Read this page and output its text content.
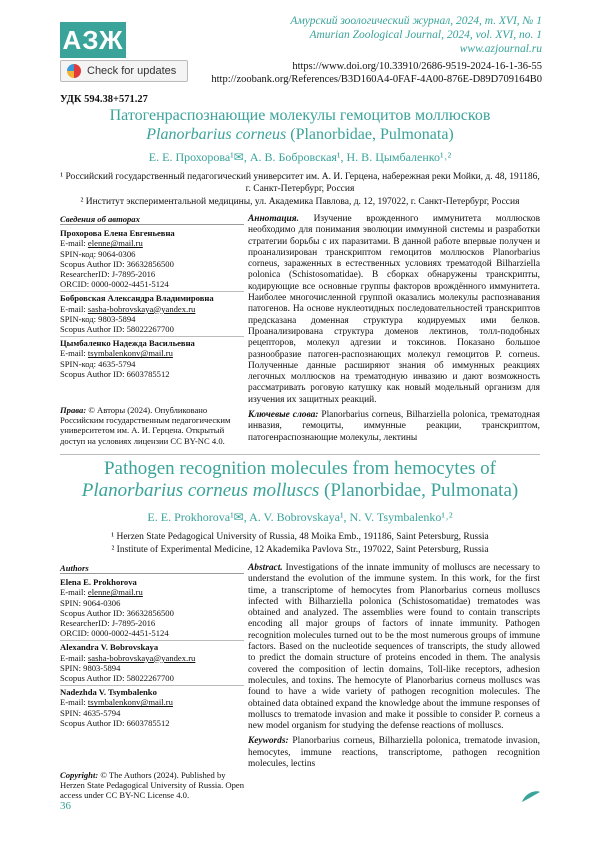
АЗЖ
Амурский зоологический журнал, 2024, т. XVI, № 1
Amurian Zoological Journal, 2024, vol. XVI, no. 1
www.azjournal.ru
Check for updates	https://www.doi.org/10.33910/2686-9519-2024-16-1-36-55
http://zoobank.org/References/B3D160A4-0FAF-4A00-876E-D89D709164B0
УДК 594.38+571.27
Патогенраспознающие молекулы гемоцитов моллюсков
Planorbarius corneus (Planorbidae, Pulmonata)
Е. Е. Прохорова¹✉, А. В. Бобровская¹, Н. В. Цымбаленко¹˒²
¹ Российский государственный педагогический университет им. А. И. Герцена, набережная реки Мойки, д. 48, 191186, г. Санкт-Петербург, Россия
² Институт экспериментальной медицины, ул. Академика Павлова, д. 12, 197022, г. Санкт-Петербург, Россия
Сведения об авторах
Прохорова Елена Евгеньевна
E-mail: elenne@mail.ru
SPIN-код: 9064-0306
Scopus Author ID: 36632856500
ResearcherID: J-7895-2016
ORCID: 0000-0002-4451-5124
Бобровская Александра Владимировна
E-mail: sasha-bobrovskaya@yandex.ru
SPIN-код: 9803-5894
Scopus Author ID: 58022267700
Цымбаленко Надежда Васильевна
E-mail: tsymbalenkonv@mail.ru
SPIN-код: 4635-5794
Scopus Author ID: 6603785512
Права: © Авторы (2024). Опубликовано Российским государственным педагогическим университетом им. А. И. Герцена. Открытый доступ на условиях лицензии CC BY-NC 4.0.
Аннотация. Изучение врожденного иммунитета моллюсков необходимо для понимания эволюции иммунной системы и разработки стратегии борьбы с их паразитами. В данной работе впервые получен и проанализирован транскриптом гемоцитов моллюсков Planorbarius corneus, зараженных в естественных условиях трематодой Bilharziella polonica (Schistosomatidae). В сборках обнаружены транскрипты, кодирующие все основные группы факторов врождённого иммунитета. Наиболее многочисленной группой оказались молекулы распознавания патогенов. На основе нуклеотидных последовательностей транскриптов предсказана доменная структура кодируемых ими белков. Проанализирована структура доменов лектинов, толл-подобных рецепторов, молекул адгезии и токсинов. Показано большое разнообразие патоген-распознающих молекул гемоцитов P. corneus. Полученные данные расширяют знания об иммунных реакциях легочных моллюсков на трематодную инвазию и дают возможность рассматривать роговую катушку как новый модельный организм для изучения их защитных реакций.
Ключевые слова: Planorbarius corneus, Bilharziella polonica, трематодная инвазия, гемоциты, иммунные реакции, транскриптом, патогенраспознающие молекулы, лектины
Pathogen recognition molecules from hemocytes of Planorbarius corneus molluscs (Planorbidae, Pulmonata)
E. E. Prokhorova¹✉, A. V. Bobrovskaya¹, N. V. Tsymbalenko¹˒²
¹ Herzen State Pedagogical University of Russia, 48 Moika Emb., 191186, Saint Petersburg, Russia
² Institute of Experimental Medicine, 12 Akademika Pavlova Str., 197022, Saint Petersburg, Russia
Authors
Elena E. Prokhorova
E-mail: elenne@mail.ru
SPIN: 9064-0306
Scopus Author ID: 36632856500
ResearcherID: J-7895-2016
ORCID: 0000-0002-4451-5124
Alexandra V. Bobrovskaya
E-mail: sasha-bobrovskaya@yandex.ru
SPIN: 9803-5894
Scopus Author ID: 58022267700
Nadezhda V. Tsymbalenko
E-mail: tsymbalenkonv@mail.ru
SPIN: 4635-5794
Scopus Author ID: 6603785512
Copyright: © The Authors (2024). Published by Herzen State Pedagogical University of Russia. Open access under CC BY-NC License 4.0.
Abstract. Investigations of the innate immunity of molluscs are necessary to understand the evolution of the immune system. In this work, for the first time, a transcriptome of hemocytes from Planorbarius corneus molluscs infected with Bilharziella polonica (Schistosomatidae) trematodes was obtained and analyzed. The assemblies were found to contain transcripts encoding all major groups of factors of innate immunity. Pathogen recognition molecules turned out to be the most numerous groups of immune factors. Based on the nucleotide sequences of transcripts, the study allowed to predict the domain structure of proteins encoded in them. The analysis covered the composition of lectin domains, Toll-like receptors, adhesion molecules, and toxins. The hemocyte of Planorbarius corneus molluscs was found to have a wide variety of pathogen recognition molecules. The obtained data obtained expand the knowledge about the immune responses of molluscs to trematode invasion and make it possible to consider P. corneus a new model organism for studying the defense reactions of molluscs.
Keywords: Planorbarius corneus, Bilharziella polonica, trematode invasion, hemocytes, immune reactions, transcriptome, pathogen recognition molecules, lectins
36
